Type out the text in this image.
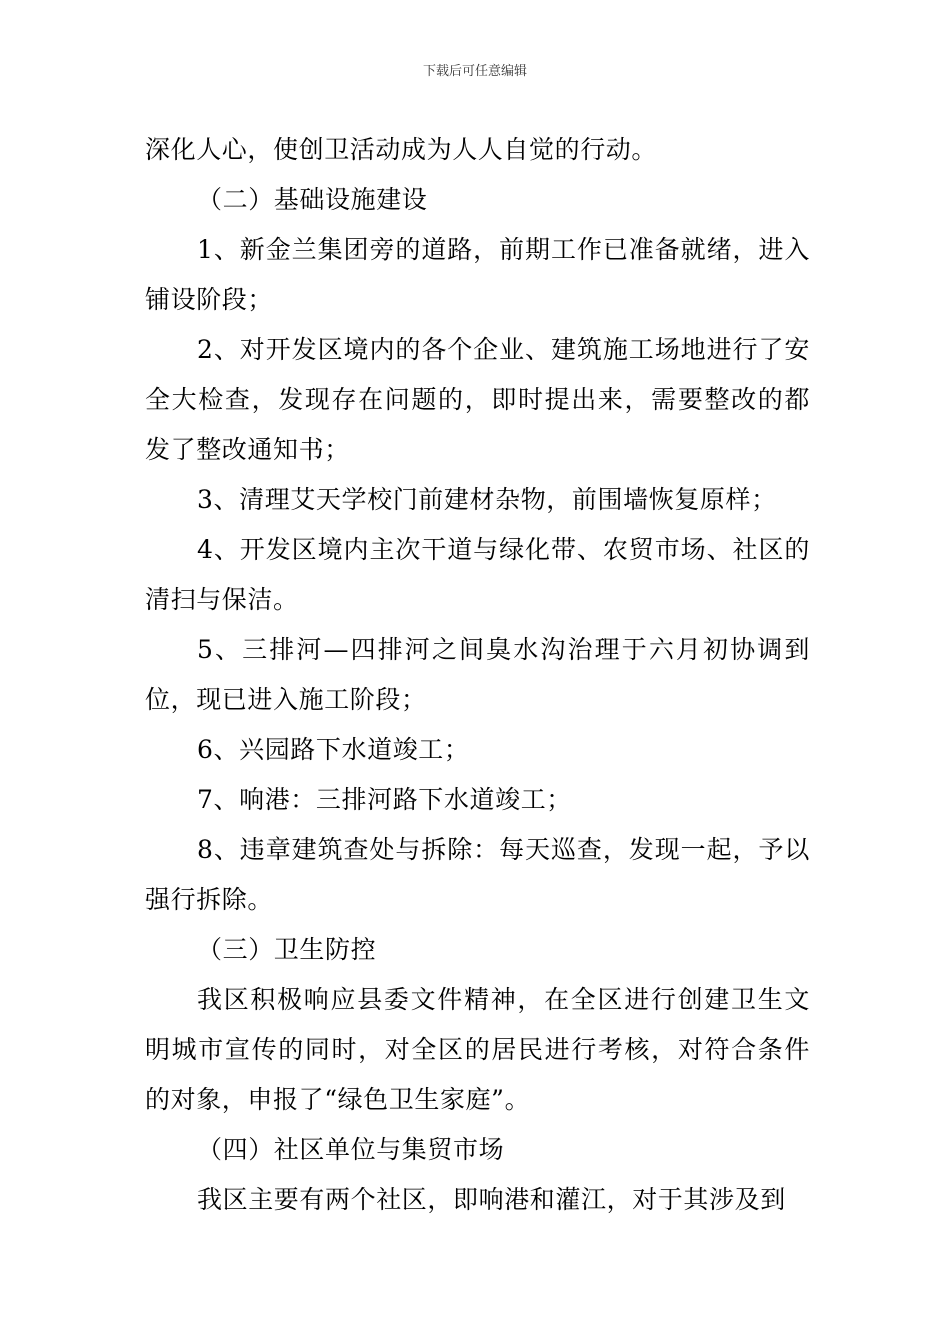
下载后可任意编辑

深化人心，使创卫活动成为人人自觉的行动。

（二）基础设施建设

1、新金兰集团旁的道路，前期工作已准备就绪，进入铺设阶段；

2、对开发区境内的各个企业、建筑施工场地进行了安全大检查，发现存在问题的，即时提出来，需要整改的都发了整改通知书；

3、清理艾天学校门前建材杂物，前围墙恢复原样；

4、开发区境内主次干道与绿化带、农贸市场、社区的清扫与保洁。

5、三排河—四排河之间臭水沟治理于六月初协调到位，现已进入施工阶段；

6、兴园路下水道竣工；

7、响港：三排河路下水道竣工；

8、违章建筑查处与拆除：每天巡查，发现一起，予以强行拆除。

（三）卫生防控

我区积极响应县委文件精神，在全区进行创建卫生文明城市宣传的同时，对全区的居民进行考核，对符合条件的对象，申报了“绿色卫生家庭”。

（四）社区单位与集贸市场

我区主要有两个社区，即响港和灌江，对于其涉及到
